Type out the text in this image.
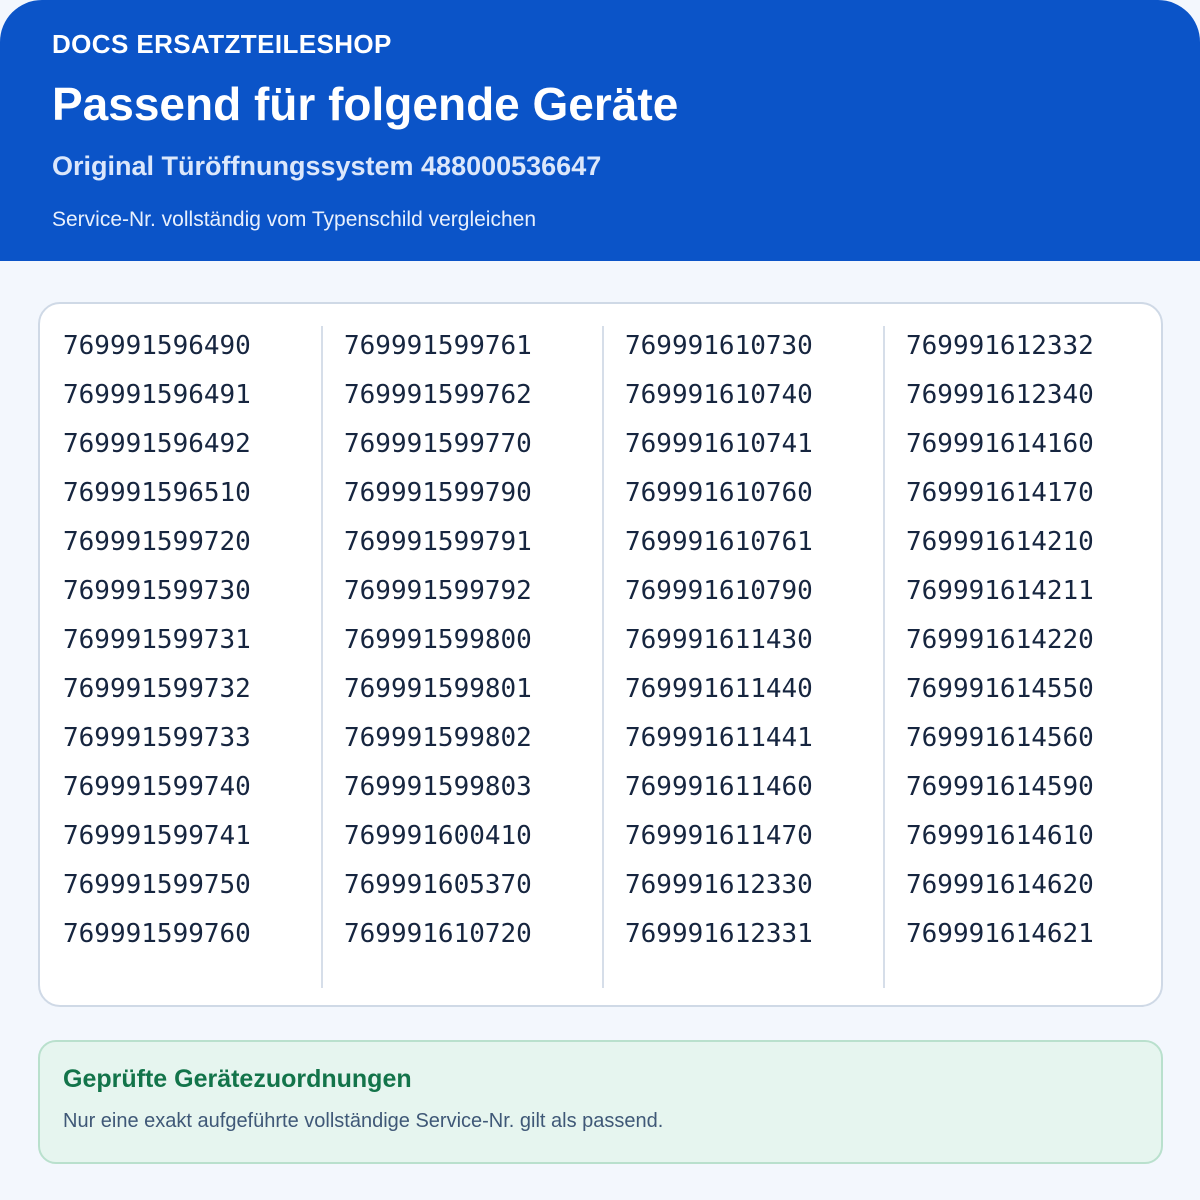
DOCS ERSATZTEILESHOP
Passend für folgende Geräte
Original Türöffnungssystem 488000536647
Service-Nr. vollständig vom Typenschild vergleichen
769991596490
769991596491
769991596492
769991596510
769991599720
769991599730
769991599731
769991599732
769991599733
769991599740
769991599741
769991599750
769991599760
769991599761
769991599762
769991599770
769991599790
769991599791
769991599792
769991599800
769991599801
769991599802
769991599803
769991600410
769991605370
769991610720
769991610730
769991610740
769991610741
769991610760
769991610761
769991610790
769991611430
769991611440
769991611441
769991611460
769991611470
769991612330
769991612331
769991612332
769991612340
769991614160
769991614170
769991614210
769991614211
769991614220
769991614550
769991614560
769991614590
769991614610
769991614620
769991614621
Geprüfte Gerätezuordnungen
Nur eine exakt aufgeführte vollständige Service-Nr. gilt als passend.
